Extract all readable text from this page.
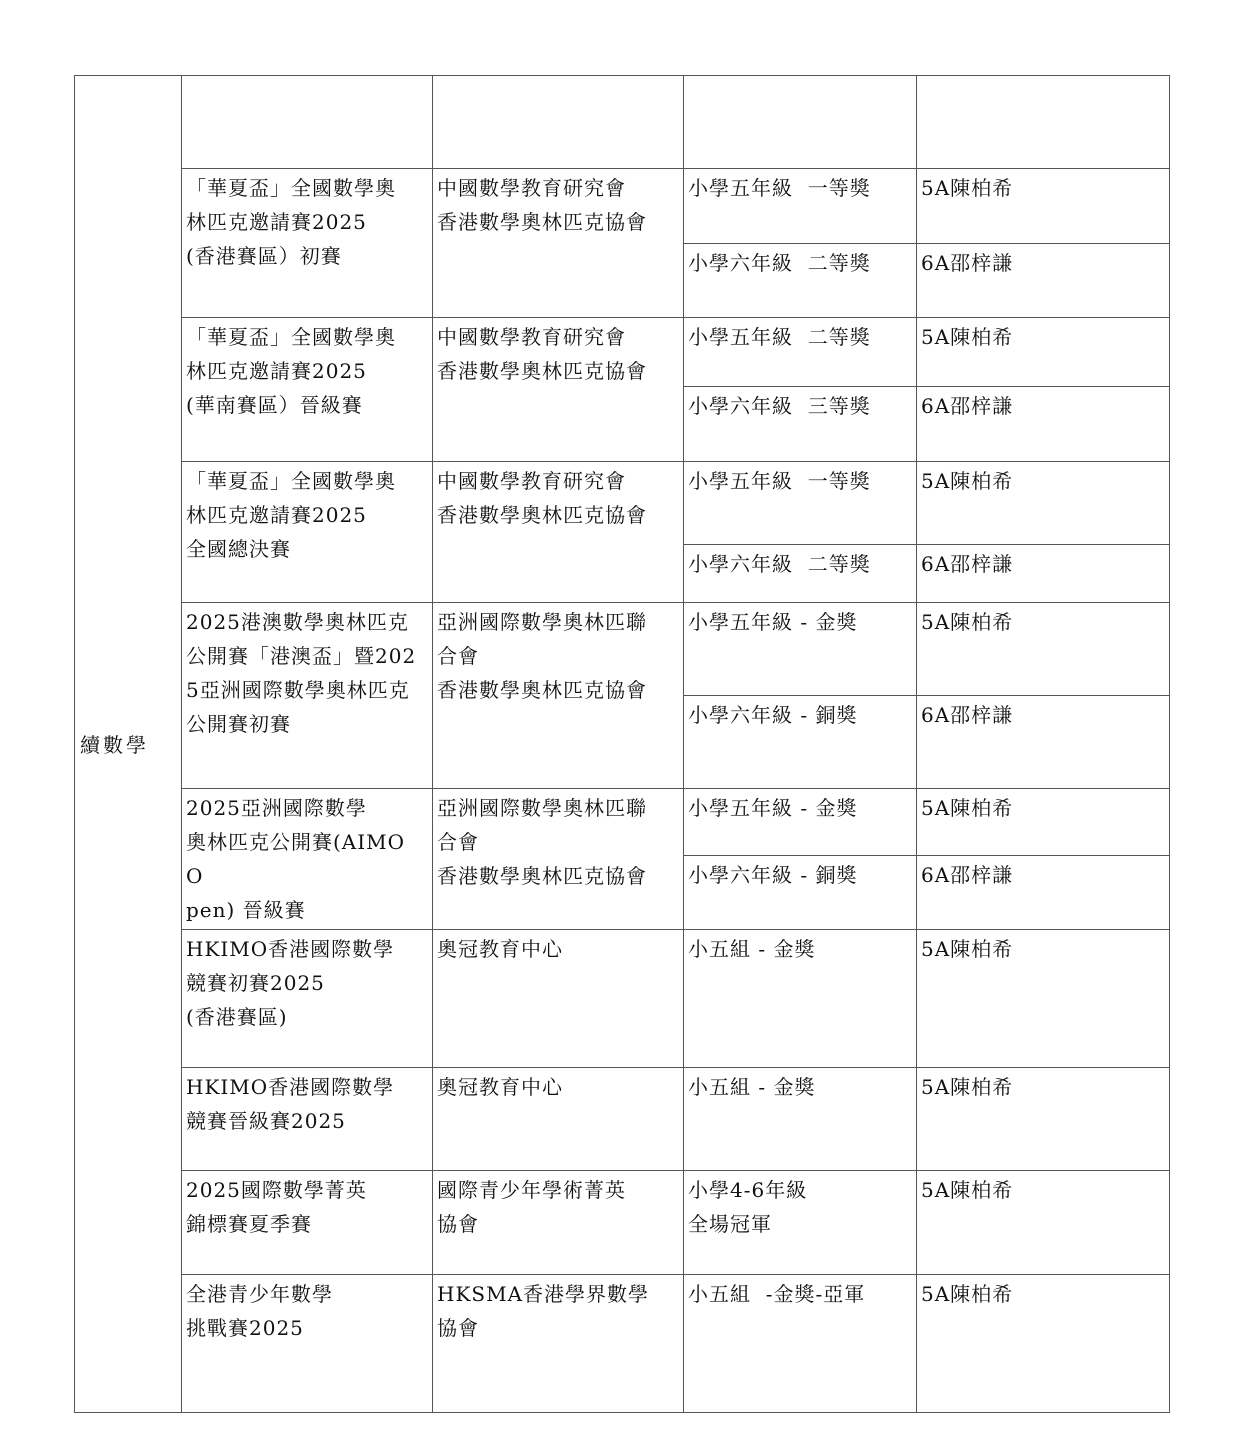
續數學				
	「華夏盃」全國數學奧
林匹克邀請賽2025
(香港賽區）初賽	中國數學教育研究會
香港數學奧林匹克協會	小學五年級  一等獎	5A陳柏希
			小學六年級  二等獎	6A邵梓謙
	「華夏盃」全國數學奧
林匹克邀請賽2025
(華南賽區）晉級賽	中國數學教育研究會
香港數學奧林匹克協會	小學五年級  二等獎	5A陳柏希
			小學六年級  三等獎	6A邵梓謙
	「華夏盃」全國數學奧
林匹克邀請賽2025
全國總決賽	中國數學教育研究會
香港數學奧林匹克協會	小學五年級  一等獎	5A陳柏希
			小學六年級  二等獎	6A邵梓謙
	2025港澳數學奧林匹克
公開賽「港澳盃」暨202
5亞洲國際數學奧林匹克
公開賽初賽	亞洲國際數學奧林匹聯
合會
香港數學奧林匹克協會	小學五年級 - 金獎	5A陳柏希
			小學六年級 - 銅獎	6A邵梓謙
	2025亞洲國際數學
奧林匹克公開賽(AIMO O
pen) 晉級賽	亞洲國際數學奧林匹聯
合會
香港數學奧林匹克協會	小學五年級 - 金獎	5A陳柏希
			小學六年級 - 銅獎	6A邵梓謙
	HKIMO香港國際數學
競賽初賽2025
(香港賽區)	奧冠教育中心	小五組 - 金獎	5A陳柏希
	HKIMO香港國際數學
競賽晉級賽2025	奧冠教育中心	小五組 - 金獎	5A陳柏希
	2025國際數學菁英
錦標賽夏季賽	國際青少年學術菁英
協會	小學4-6年級
全場冠軍	5A陳柏希
	全港青少年數學
挑戰賽2025	HKSMA香港學界數學
協會	小五組  -金獎-亞軍	5A陳柏希
